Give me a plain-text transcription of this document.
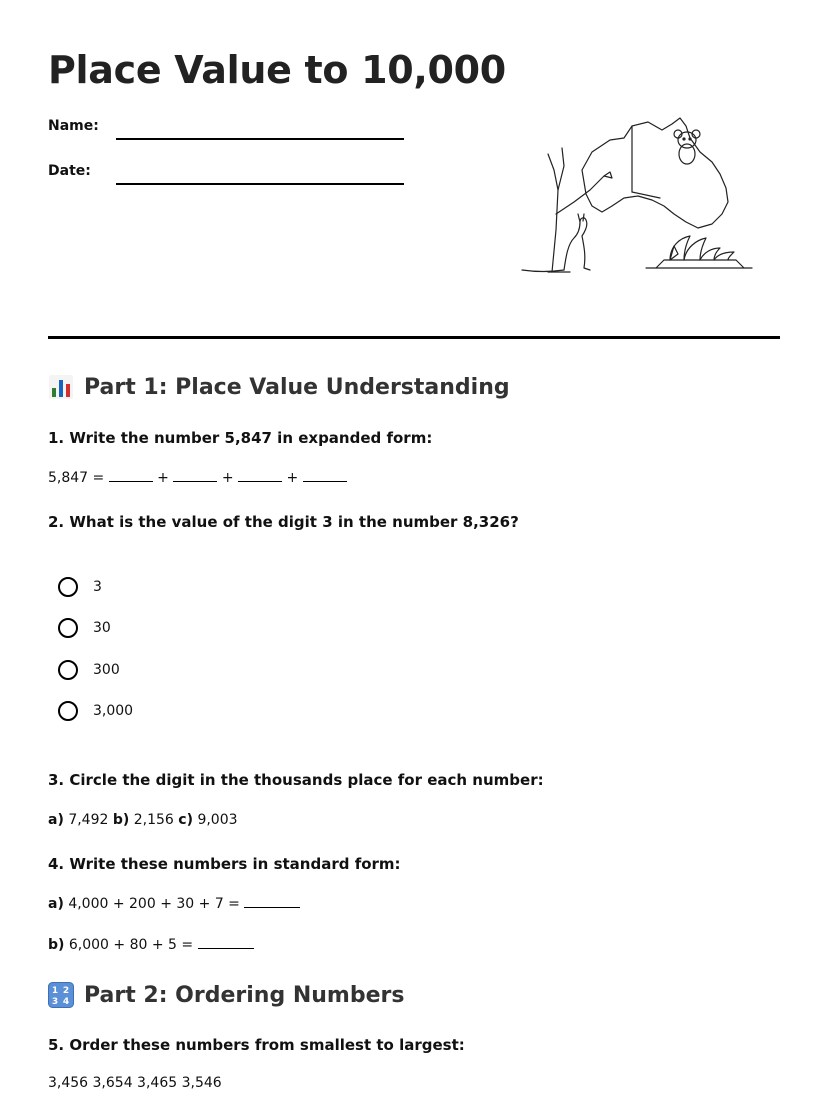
Place Value to 10,000
Name:
Date:
Part 1: Place Value Understanding

1. Write the number 5,847 in expanded form:

5,847 =	+	+	+

2. What is the value of the digit 3 in the number 8,326?

3
30
300
3,000

3. Circle the digit in the thousands place for each number:

a) 7,492 b) 2,156 c) 9,003

4. Write these numbers in standard form:

a) 4,000 + 200 + 30 + 7 =

b) 6,000 + 80 + 5 =

1 2
3 4 Part 2: Ordering Numbers

5. Order these numbers from smallest to largest:

3,456 3,654 3,465 3,546
